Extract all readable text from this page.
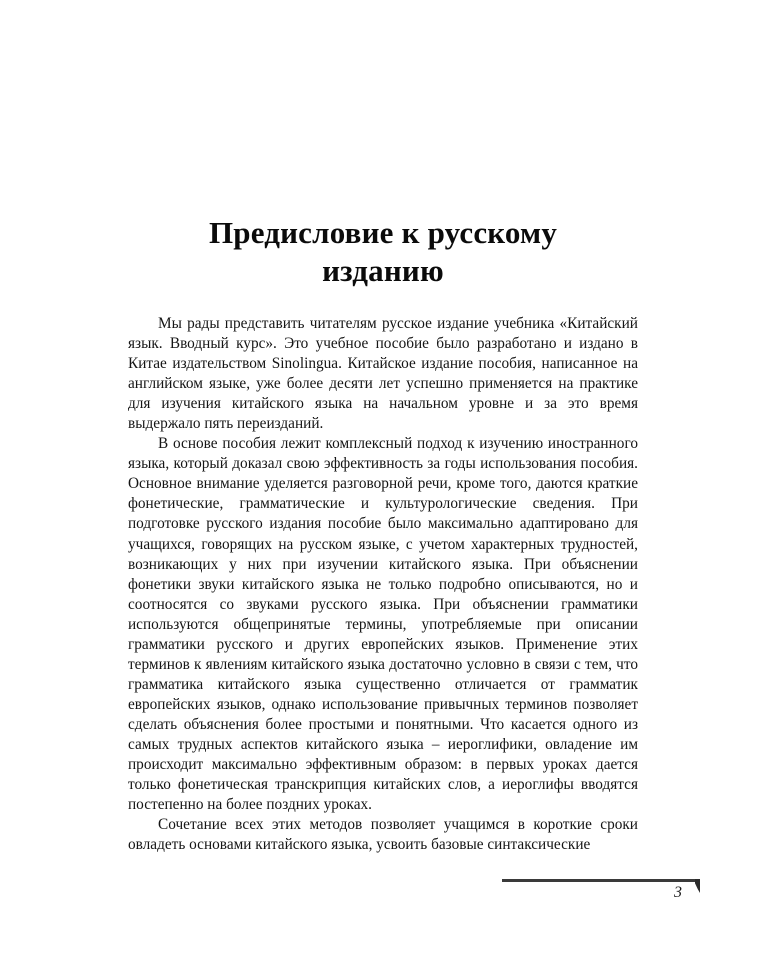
Предисловие к русскому
изданию

Мы рады представить читателям русское издание учебника «Китайский язык. Вводный курс». Это учебное пособие было разработано и издано в Китае издательством Sinolingua. Китайское издание пособия, написанное на английском языке, уже более десяти лет успешно применяется на практике для изучения китайского языка на начальном уровне и за это время выдержало пять переизданий.

В основе пособия лежит комплексный подход к изучению иностранного языка, который доказал свою эффективность за годы использования пособия. Основное внимание уделяется разговорной речи, кроме того, даются краткие фонетические, грамматические и культурологические сведения. При подготовке русского издания пособие было максимально адаптировано для учащихся, говорящих на русском языке, с учетом характерных трудностей, возникающих у них при изучении китайского языка. При объяснении фонетики звуки китайского языка не только подробно описываются, но и соотносятся со звуками русского языка. При объяснении грамматики используются общепринятые термины, употребляемые при описании грамматики русского и других европейских языков. Применение этих терминов к явлениям китайского языка достаточно условно в связи с тем, что грамматика китайского языка существенно отличается от грамматик европейских языков, однако использование привычных терминов позволяет сделать объяснения более простыми и понятными. Что касается одного из самых трудных аспектов китайского языка – иероглифики, овладение им происходит максимально эффективным образом: в первых уроках дается только фонетическая транскрипция китайских слов, а иероглифы вводятся постепенно на более поздних уроках.

Сочетание всех этих методов позволяет учащимся в короткие сроки овладеть основами китайского языка, усвоить базовые синтаксические

3
